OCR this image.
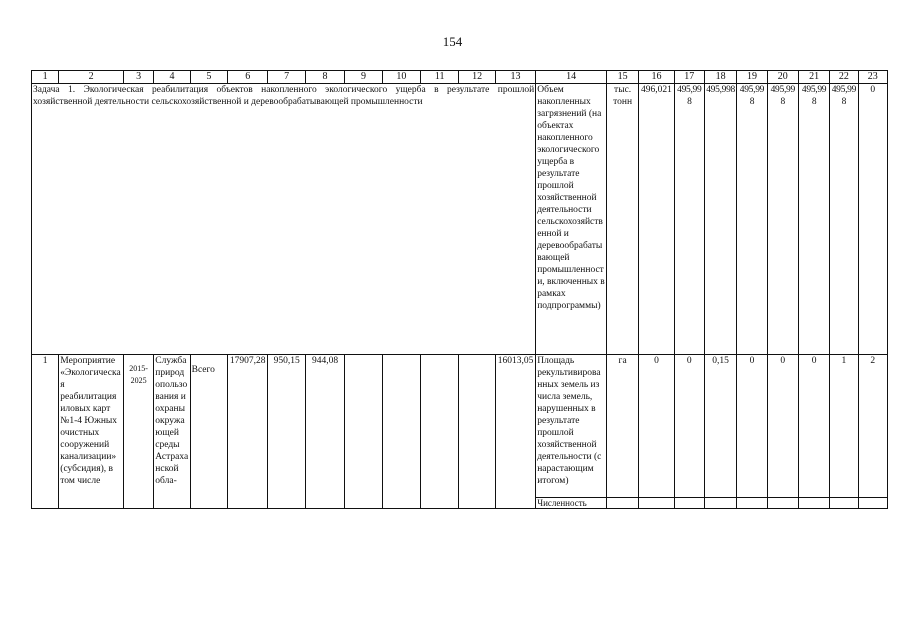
154
1	2	3	4	5	6	7	8	9	10	11	12	13	14	15	16	17	18	19	20	21	22	23
Задача 1. Экологическая реабилитация объектов накопленного экологического ущерба в результате прошлой хозяйственной деятельности сельскохозяйственной и деревообрабатывающей промышленности													Объем накопленных загрязнений (на объектах накопленного экологического ущерба в результате прошлой хозяйственной деятельности сельскохозяйственной и деревообрабатывающей промышленности, включенных в рамках подпрограммы)	тыс. тонн	496,021	495,998	495,998	495,998	495,998	495,998	495,998	0
1	Мероприятие «Экологическая реабилитация иловых карт №1-4 Южных очистных сооружений канализации» (субсидия), в том числе	2015-2025	Служба природопользования и охраны окружающей среды Астраханской обла-	Всего	17907,28	950,15	944,08					16013,05	Площадь рекультивированных земель из числа земель, нарушенных в результате прошлой хозяйственной деятельности (с нарастающим итогом)	га	0	0	0,15	0	0	0	1	2
													Численность									
